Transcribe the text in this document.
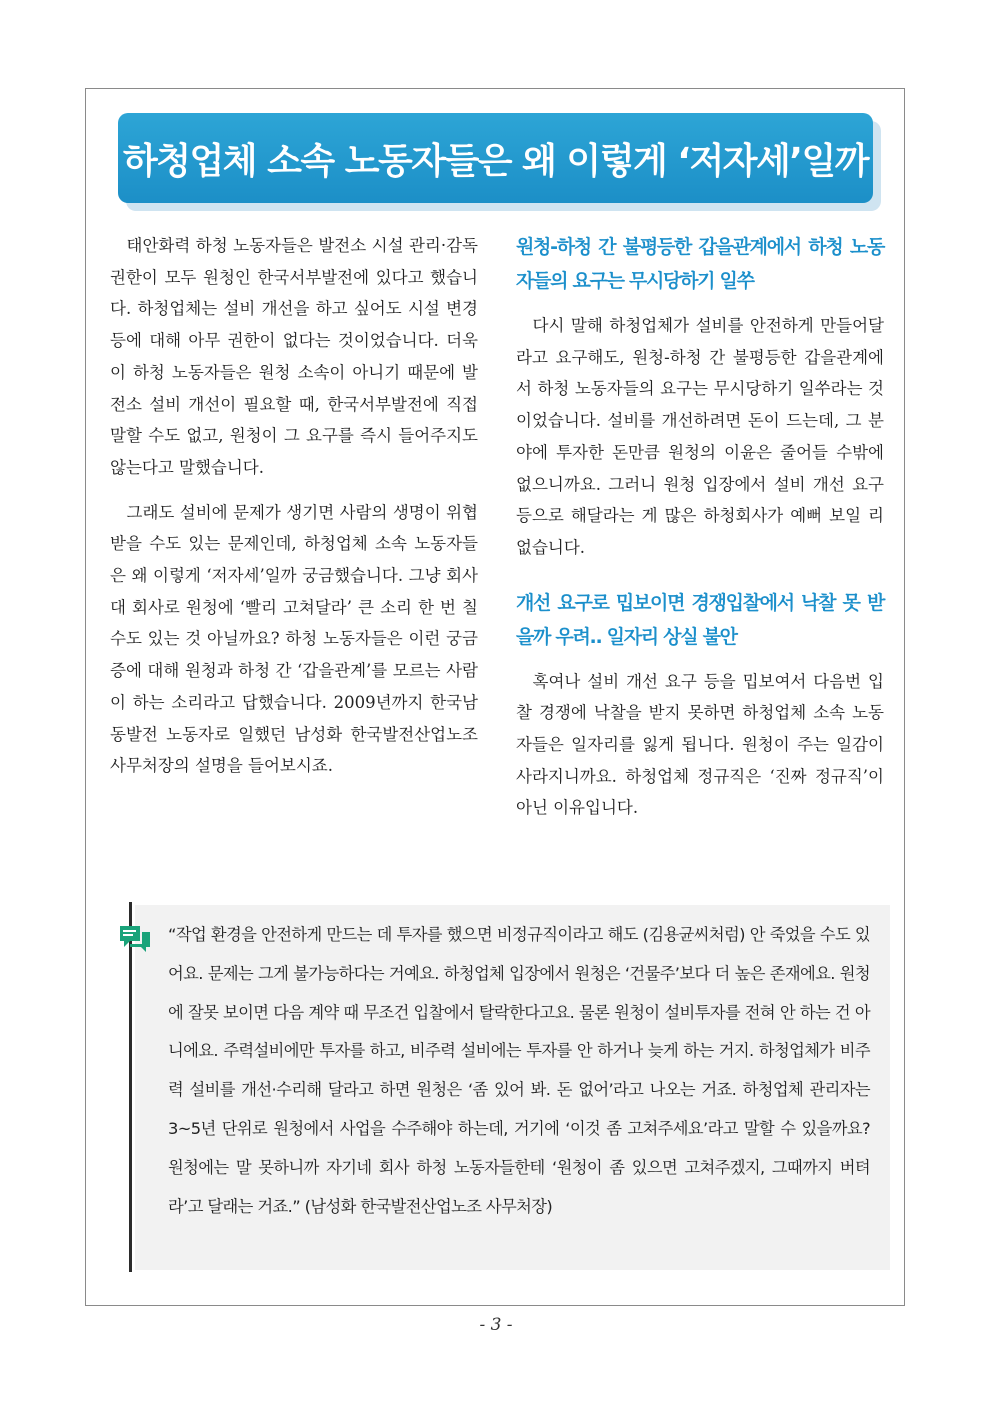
하청업체 소속 노동자들은 왜 이렇게 ‘저자세’일까

태안화력 하청 노동자들은 발전소 시설 관리·감독권한이 모두 원청인 한국서부발전에 있다고 했습니다. 하청업체는 설비 개선을 하고 싶어도 시설 변경 등에 대해 아무 권한이 없다는 것이었습니다. 더욱이 하청 노동자들은 원청 소속이 아니기 때문에 발전소 설비 개선이 필요할 때, 한국서부발전에 직접 말할 수도 없고, 원청이 그 요구를 즉시 들어주지도 않는다고 말했습니다.

그래도 설비에 문제가 생기면 사람의 생명이 위협받을 수도 있는 문제인데, 하청업체 소속 노동자들은 왜 이렇게 ‘저자세’일까 궁금했습니다. 그냥 회사 대 회사로 원청에 ‘빨리 고쳐달라’ 큰 소리 한 번 칠 수도 있는 것 아닐까요? 하청 노동자들은 이런 궁금증에 대해 원청과 하청 간 ‘갑을관계’를 모르는 사람이 하는 소리라고 답했습니다. 2009년까지 한국남동발전 노동자로 일했던 남성화 한국발전산업노조 사무처장의 설명을 들어보시죠.

원청-하청 간 불평등한 갑을관계에서 하청 노동자들의 요구는 무시당하기 일쑤

다시 말해 하청업체가 설비를 안전하게 만들어달라고 요구해도, 원청-하청 간 불평등한 갑을관계에서 하청 노동자들의 요구는 무시당하기 일쑤라는 것이었습니다. 설비를 개선하려면 돈이 드는데, 그 분야에 투자한 돈만큼 원청의 이윤은 줄어들 수밖에 없으니까요. 그러니 원청 입장에서 설비 개선 요구 등으로 해달라는 게 많은 하청회사가 예뻐 보일 리 없습니다.

개선 요구로 밉보이면 경쟁입찰에서 낙찰 못 받을까 우려.. 일자리 상실 불안

혹여나 설비 개선 요구 등을 밉보여서 다음번 입찰 경쟁에 낙찰을 받지 못하면 하청업체 소속 노동자들은 일자리를 잃게 됩니다. 원청이 주는 일감이 사라지니까요. 하청업체 정규직은 ‘진짜 정규직’이 아닌 이유입니다.

“작업 환경을 안전하게 만드는 데 투자를 했으면 비정규직이라고 해도 (김용균씨처럼) 안 죽었을 수도 있어요. 문제는 그게 불가능하다는 거예요. 하청업체 입장에서 원청은 ‘건물주’보다 더 높은 존재에요. 원청에 잘못 보이면 다음 계약 때 무조건 입찰에서 탈락한다고요. 물론 원청이 설비투자를 전혀 안 하는 건 아니에요. 주력설비에만 투자를 하고, 비주력 설비에는 투자를 안 하거나 늦게 하는 거지. 하청업체가 비주력 설비를 개선·수리해 달라고 하면 원청은 ‘좀 있어 봐. 돈 없어’라고 나오는 거죠. 하청업체 관리자는 3~5년 단위로 원청에서 사업을 수주해야 하는데, 거기에 ‘이것 좀 고쳐주세요’라고 말할 수 있을까요? 원청에는 말 못하니까 자기네 회사 하청 노동자들한테 ‘원청이 좀 있으면 고쳐주겠지, 그때까지 버텨라’고 달래는 거죠.” (남성화 한국발전산업노조 사무처장)

- 3 -
